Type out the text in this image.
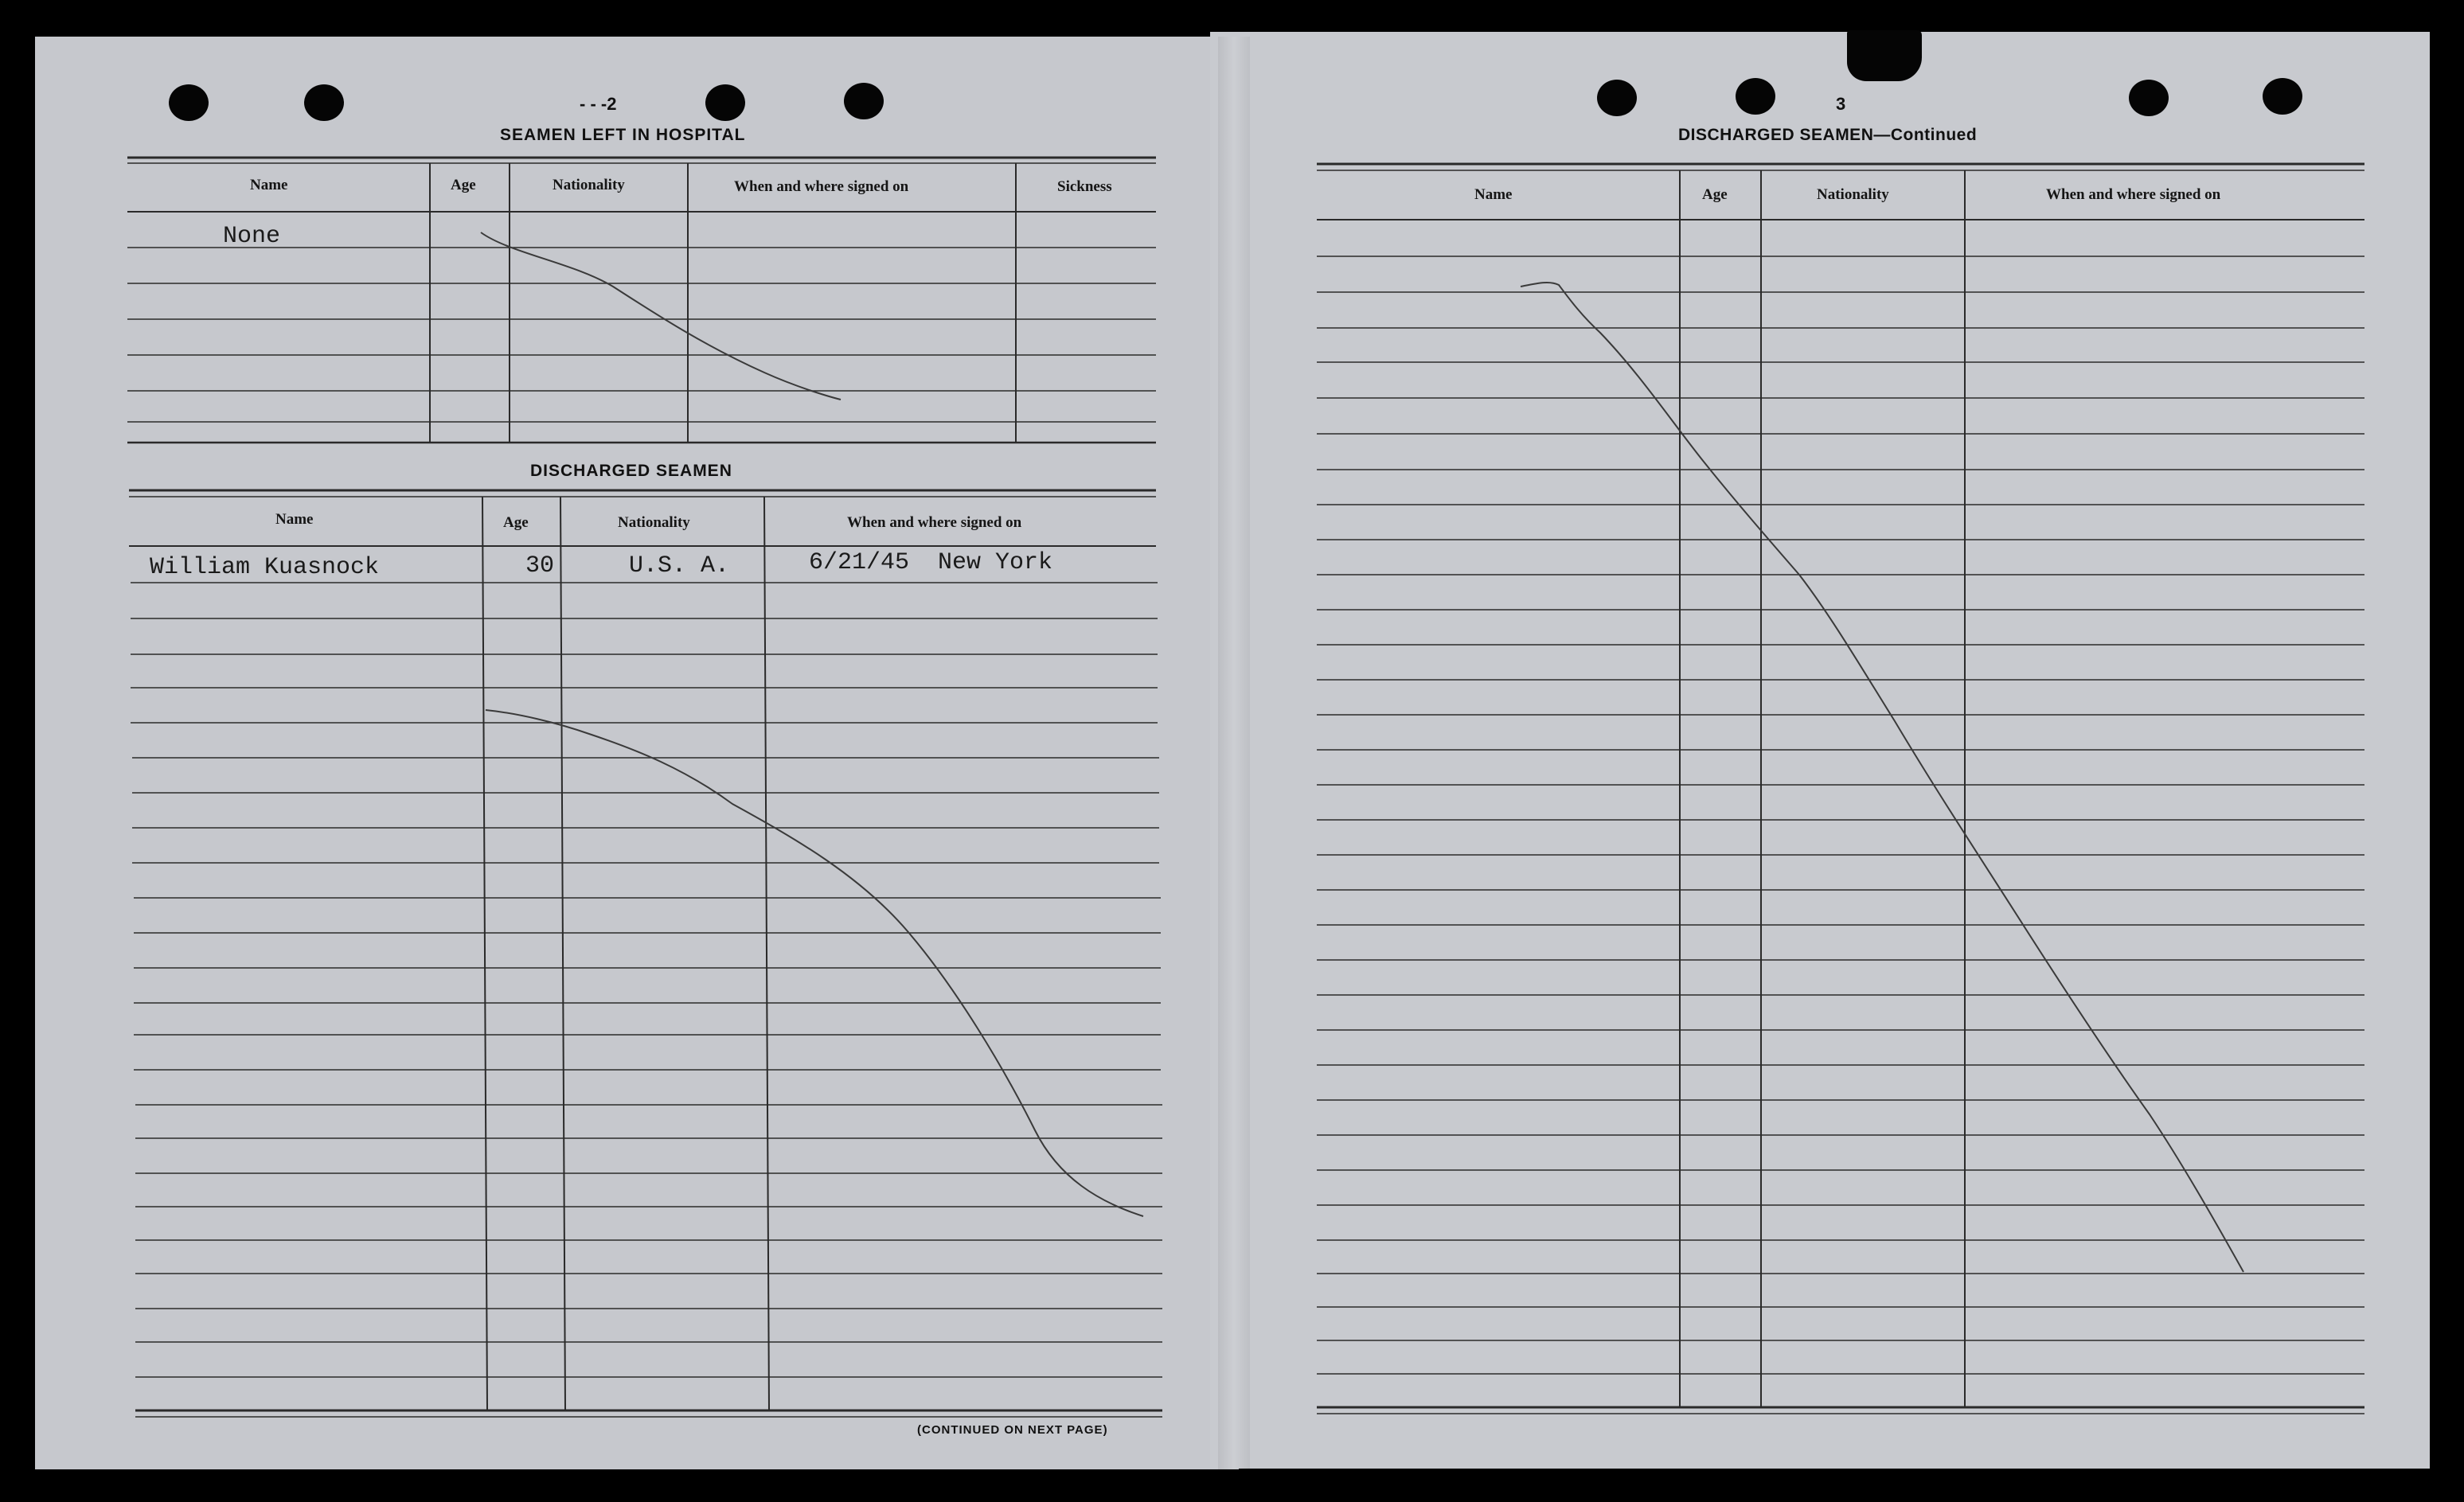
- - -2
SEAMEN LEFT IN HOSPITAL
Name	Age	Nationality	When and where signed on	Sickness
None
DISCHARGED SEAMEN
Name	Age	Nationality	When and where signed on
William Kuasnock	30	U.S. A.	6/21/45  New York
(CONTINUED ON NEXT PAGE)
3
DISCHARGED SEAMEN—Continued
Name	Age	Nationality	When and where signed on
